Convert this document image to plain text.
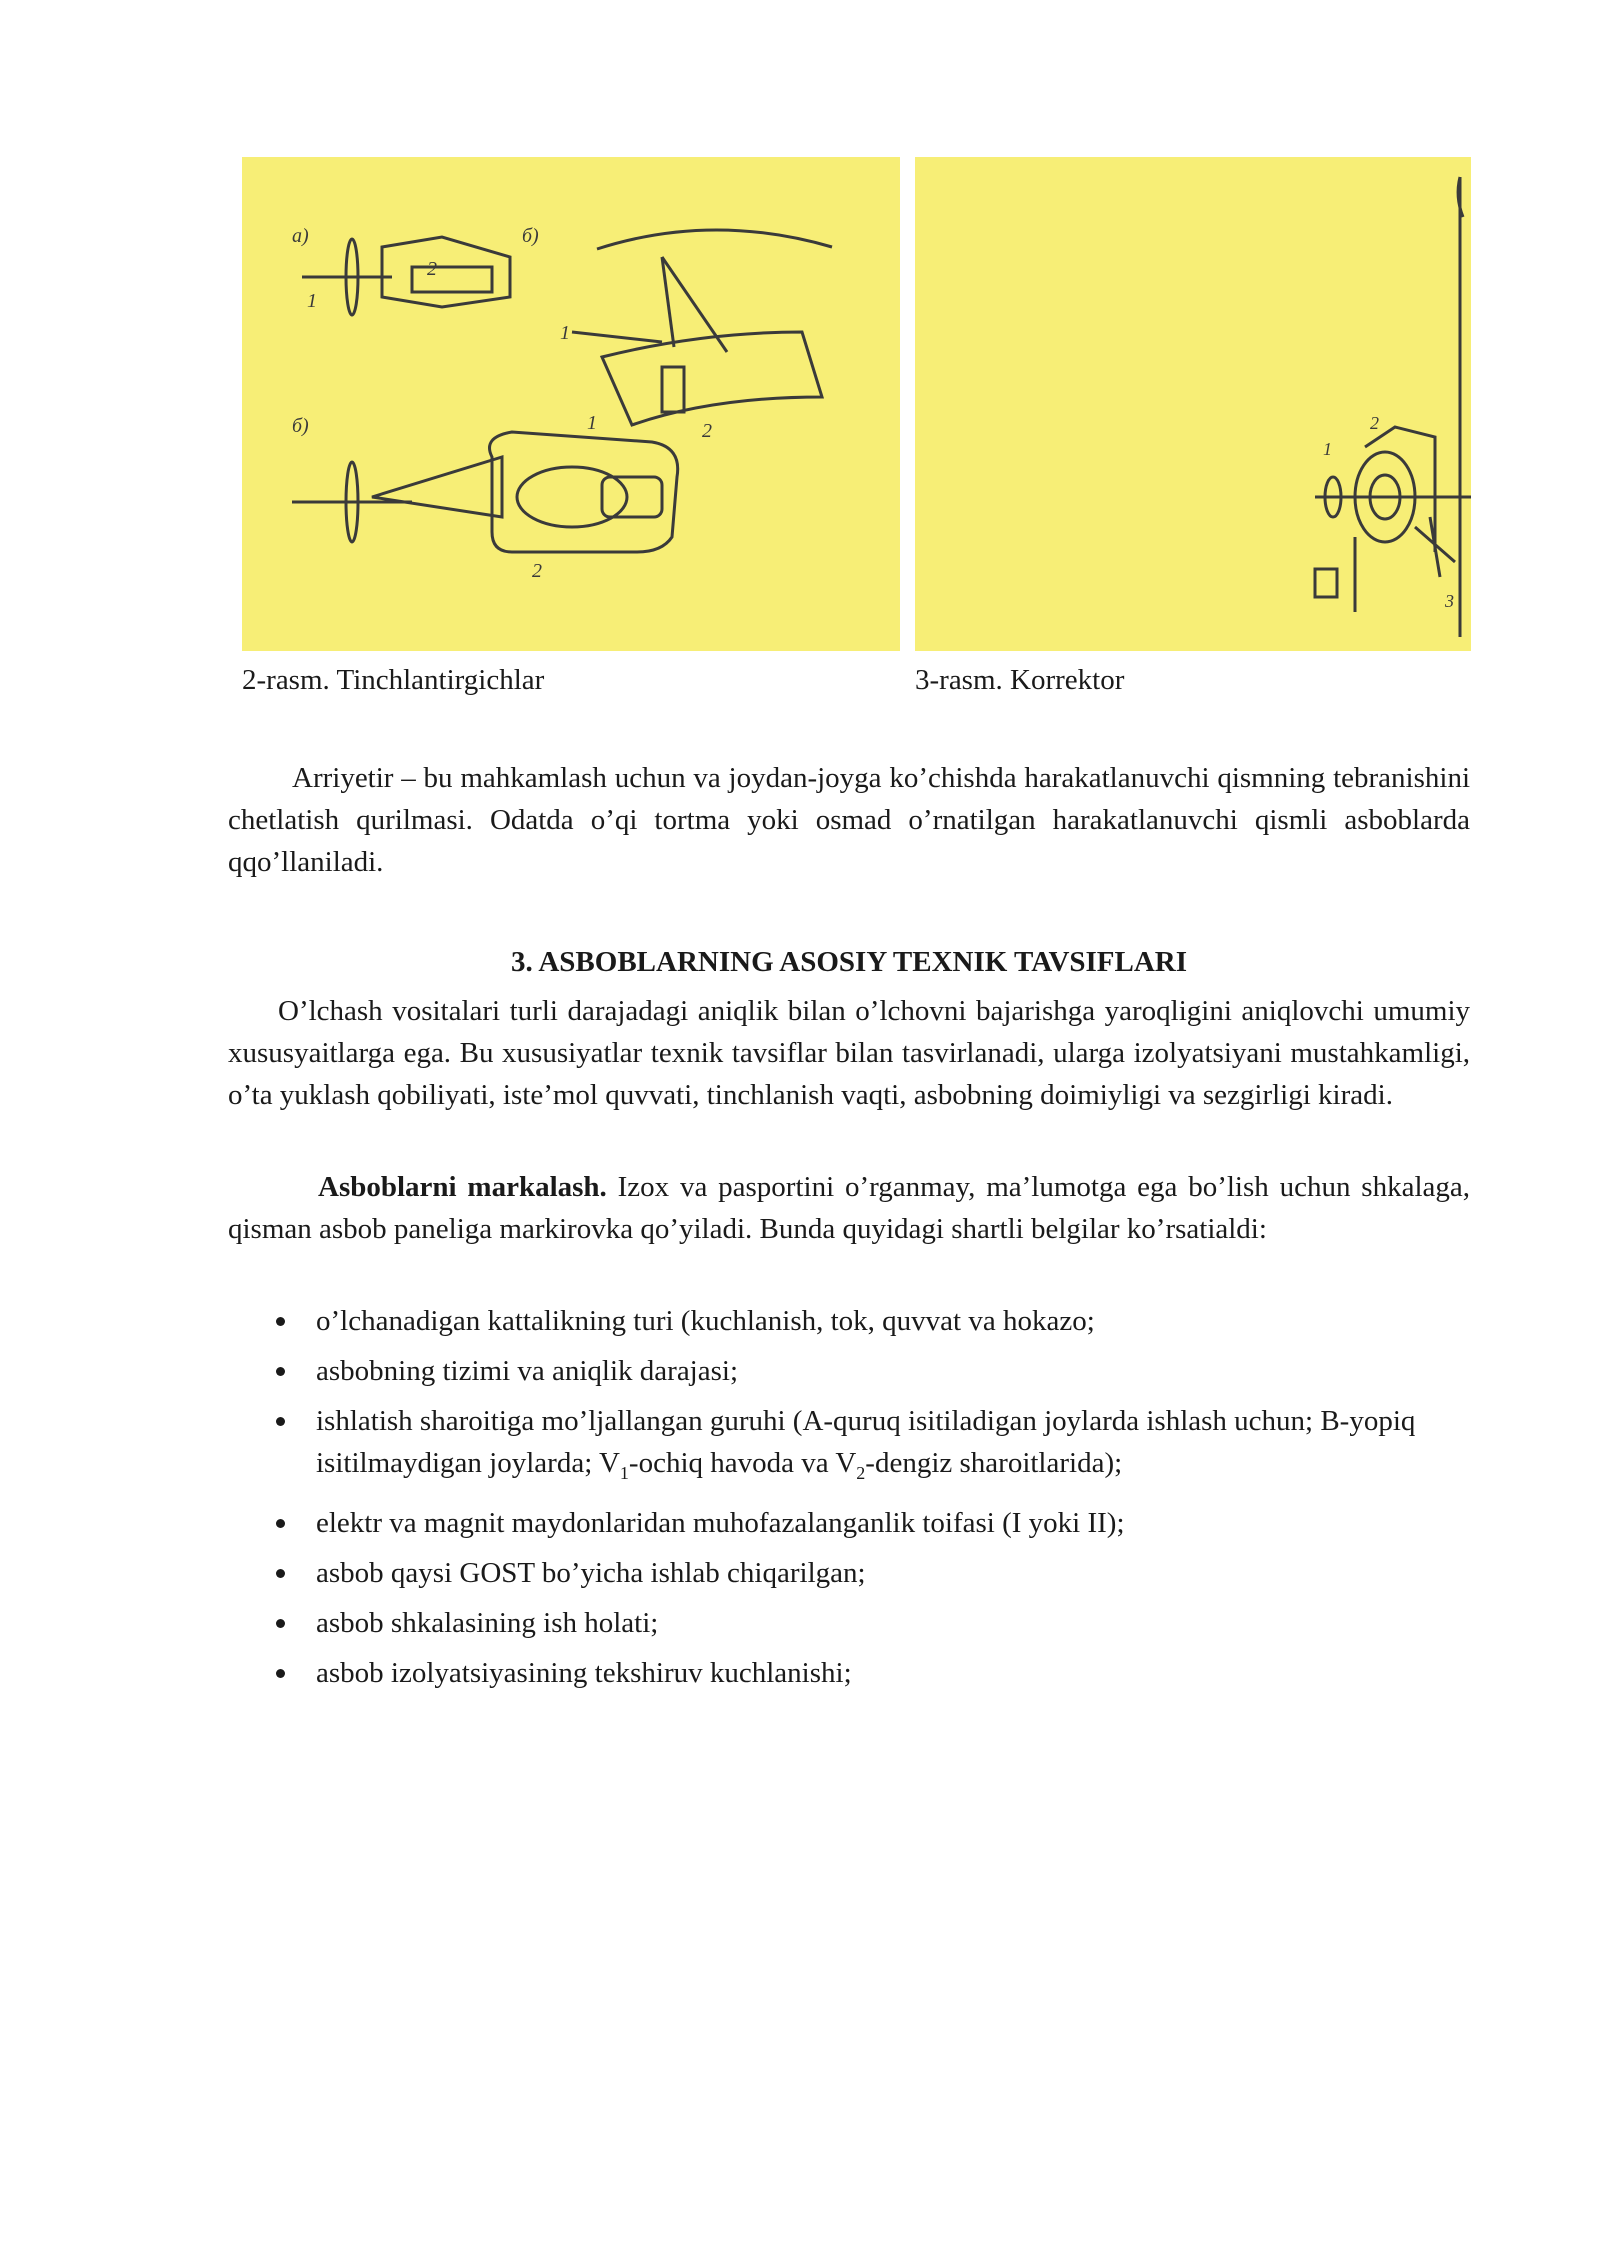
а)	б)
б)
1
2
1
2
1
2
1
2
3
2-rasm. Tinchlantirgichlar	3-rasm. Korrektor

Arriyetir – bu mahkamlash uchun va joydan-joyga ko’chishda harakatlanuvchi qismning tebranishini chetlatish qurilmasi. Odatda o’qi tortma yoki osmad o’rnatilgan harakatlanuvchi qismli asboblarda qqo’llaniladi.

3. ASBOBLARNING ASOSIY TEXNIK TAVSIFLARI

O’lchash vositalari turli darajadagi aniqlik bilan o’lchovni bajarishga yaroqligini aniqlovchi umumiy xususyaitlarga ega. Bu xususiyatlar texnik tavsiflar bilan tasvirlanadi, ularga izolyatsiyani mustahkamligi, o’ta yuklash qobiliyati, iste’mol quvvati, tinchlanish vaqti, asbobning doimiyligi va sezgirligi kiradi.

Asboblarni markalash. Izox va pasportini o’rganmay, ma’lumotga ega bo’lish uchun shkalaga, qisman asbob paneliga markirovka qo’yiladi. Bunda quyidagi shartli belgilar ko’rsatialdi:

o’lchanadigan kattalikning turi (kuchlanish, tok, quvvat va hokazo;
asbobning tizimi va aniqlik darajasi;
ishlatish sharoitiga mo’ljallangan guruhi (A-quruq isitiladigan joylarda ishlash uchun; B-yopiq isitilmaydigan joylarda; $V_1$-ochiq havoda va $V_2$-dengiz sharoitlarida);
elektr va magnit maydonlaridan muhofazalanganlik toifasi (I yoki II);
asbob qaysi GOST bo’yicha ishlab chiqarilgan;
asbob shkalasining ish holati;
asbob izolyatsiyasining tekshiruv kuchlanishi;
